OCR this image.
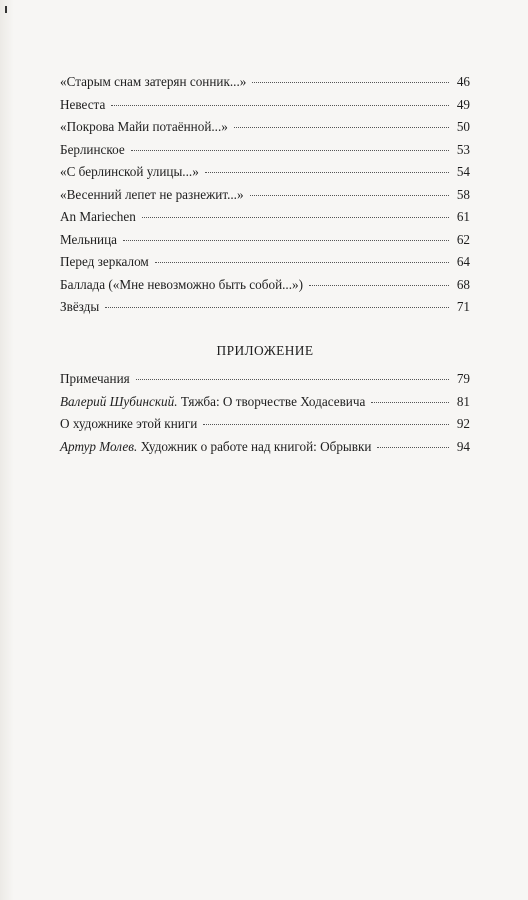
«Старым снам затерян сонник...»	46
Невеста	49
«Покрова Майи потаённой...»	50
Берлинское	53
«С берлинской улицы...»	54
«Весенний лепет не разнежит...»	58
An Mariechen	61
Мельница	62
Перед зеркалом	64
Баллада («Мне невозможно быть собой...»)	68
Звёзды	71
ПРИЛОЖЕНИЕ
Примечания	79
Валерий Шубинский. Тяжба: О творчестве Ходасевича	81
О художнике этой книги	92
Артур Молев. Художник о работе над книгой: Обрывки	94
